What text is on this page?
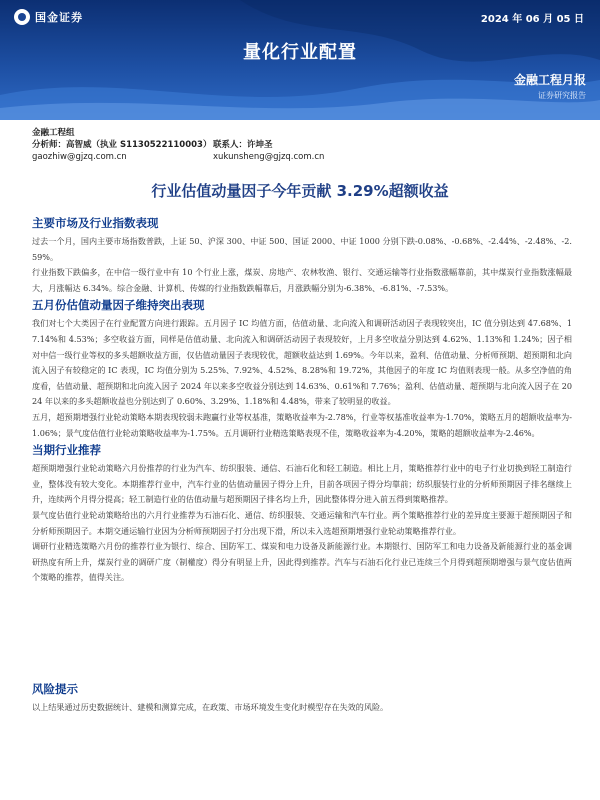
国金证券	2024 年 06 月 05 日
量化行业配置
金融工程月报
证券研究报告
金融工程组
分析师：高智威（执业 S1130522110003） 联系人：许坤圣
gaozhiw@gjzq.com.cn	xukunsheng@gjzq.com.cn
行业估值动量因子今年贡献 3.29%超额收益
主要市场及行业指数表现

过去一个月，国内主要市场指数普跌，上证 50、沪深 300、中证 500、国证 2000、中证 1000 分别下跌-0.08%、-0.68%、-2.44%、-2.48%、-2.59%。

行业指数下跌偏多，在中信一级行业中有 10 个行业上涨，煤炭、房地产、农林牧渔、银行、交通运输等行业指数涨幅靠前，其中煤炭行业指数涨幅最大，月涨幅达 6.34%。综合金融、计算机、传媒的行业指数跌幅靠后，月涨跌幅分别为-6.38%、-6.81%、-7.53%。

五月份估值动量因子维持突出表现

我们对七个大类因子在行业配置方向进行跟踪。五月因子 IC 均值方面，估值动量、北向流入和调研活动因子表现较突出，IC 值分别达到 47.68%、17.14%和 4.53%；多空收益方面，同样是估值动量、北向流入和调研活动因子表现较好，上月多空收益分别达到 4.62%、1.13%和 1.24%；因子相对中信一级行业等权的多头超额收益方面，仅估值动量因子表现较优，超额收益达到 1.69%。今年以来，盈利、估值动量、分析师预期、超预期和北向流入因子有较稳定的 IC 表现，IC 均值分别为 5.25%、7.92%、4.52%、8.28%和 19.72%，其他因子的年度 IC 均值则表现一般。从多空净值的角度看，估值动量、超预期和北向流入因子 2024 年以来多空收益分别达到 14.63%、0.61%和 7.76%；盈利、估值动量、超预期与北向流入因子在 2024 年以来的多头超额收益也分别达到了 0.60%、3.29%、1.18%和 4.48%，带来了较明显的收益。

五月，超预期增强行业轮动策略本期表现较弱未跑赢行业等权基准，策略收益率为-2.78%，行业等权基准收益率为-1.70%，策略五月的超额收益率为-1.06%；景气度估值行业轮动策略收益率为-1.75%。五月调研行业精选策略表现不佳，策略收益率为-4.20%，策略的超额收益率为-2.46%。

当期行业推荐

超预期增强行业轮动策略六月份推荐的行业为汽车、纺织服装、通信、石油石化和轻工制造。相比上月，策略推荐行业中的电子行业切换到轻工制造行业，整体没有较大变化。本期推荐行业中，汽车行业的估值动量因子得分上升，目前各项因子得分均靠前；纺织服装行业的分析师预期因子排名继续上升，连续两个月得分提高；轻工制造行业的估值动量与超预期因子排名均上升，因此整体得分进入前五得到策略推荐。

景气度估值行业轮动策略给出的六月行业推荐为石油石化、通信、纺织服装、交通运输和汽车行业。两个策略推荐行业的差异度主要源于超预期因子和分析师预期因子。本期交通运输行业因为分析师预期因子打分出现下滑，所以未入选超预期增强行业轮动策略推荐行业。

调研行业精选策略六月份的推荐行业为银行、综合、国防军工、煤炭和电力设备及新能源行业。本期银行、国防军工和电力设备及新能源行业的基金调研热度有所上升，煤炭行业的调研广度（制權度）得分有明显上升，因此得到推荐。汽车与石油石化行业已连续三个月得到超预期增强与景气度估值两个策略的推荐，值得关注。

风险提示

以上结果通过历史数据统计、建模和测算完成，在政策、市场环境发生变化时模型存在失效的风险。
